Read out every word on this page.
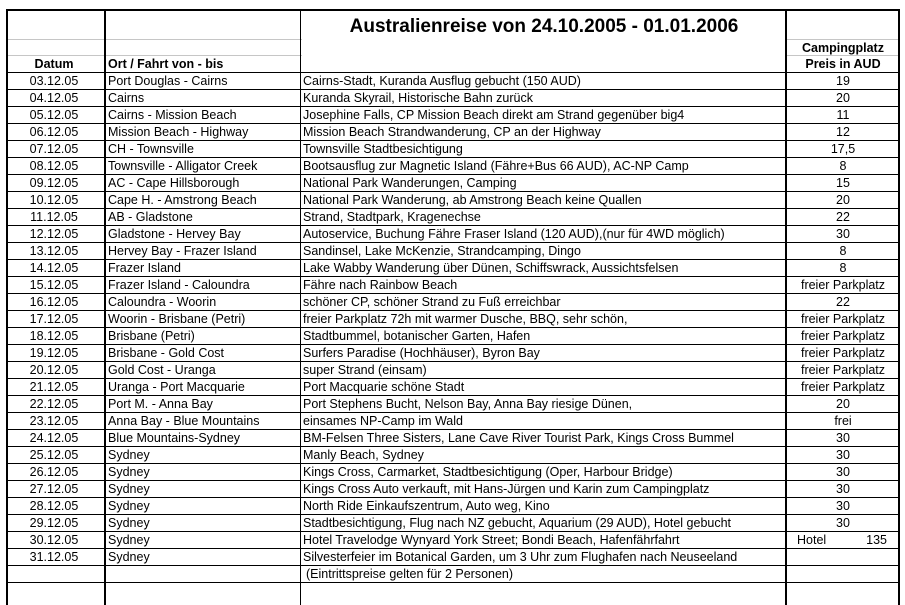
Australienreise von 24.10.2005 - 01.01.2006
Campingplatz
Preis in AUD
Datum	Ort / Fahrt von - bis
03.12.05	Port Douglas - Cairns	Cairns-Stadt, Kuranda Ausflug gebucht (150 AUD)	19
04.12.05	Cairns	Kuranda Skyrail, Historische Bahn zurück	20
05.12.05	Cairns - Mission Beach	Josephine Falls, CP Mission Beach direkt am Strand gegenüber big4	11
06.12.05	Mission Beach - Highway	Mission Beach Strandwanderung, CP an der Highway	12
07.12.05	CH - Townsville	Townsville Stadtbesichtigung	17,5
08.12.05	Townsville - Alligator Creek	Bootsausflug zur Magnetic Island (Fähre+Bus 66 AUD), AC-NP Camp	8
09.12.05	AC - Cape Hillsborough	National Park Wanderungen, Camping	15
10.12.05	Cape H. - Amstrong Beach	National Park Wanderung, ab Amstrong Beach keine Quallen	20
11.12.05	AB - Gladstone	Strand, Stadtpark, Kragenechse	22
12.12.05	Gladstone - Hervey Bay	Autoservice, Buchung Fähre Fraser Island (120 AUD),(nur für 4WD möglich)	30
13.12.05	Hervey Bay - Frazer Island	Sandinsel, Lake McKenzie, Strandcamping, Dingo	8
14.12.05	Frazer Island	Lake Wabby Wanderung über Dünen, Schiffswrack, Aussichtsfelsen	8
15.12.05	Frazer Island - Caloundra	Fähre nach Rainbow Beach	freier Parkplatz
16.12.05	Caloundra - Woorin	schöner CP, schöner Strand zu Fuß erreichbar	22
17.12.05	Woorin - Brisbane (Petri)	freier Parkplatz 72h mit warmer Dusche, BBQ, sehr schön,	freier Parkplatz
18.12.05	Brisbane (Petri)	Stadtbummel, botanischer Garten, Hafen	freier Parkplatz
19.12.05	Brisbane - Gold Cost	Surfers Paradise (Hochhäuser), Byron Bay	freier Parkplatz
20.12.05	Gold Cost - Uranga	super Strand (einsam)	freier Parkplatz
21.12.05	Uranga - Port Macquarie	Port Macquarie schöne Stadt	freier Parkplatz
22.12.05	Port M. - Anna Bay	Port Stephens Bucht, Nelson Bay, Anna Bay riesige Dünen,	20
23.12.05	Anna Bay - Blue Mountains	einsames NP-Camp im Wald	frei
24.12.05	Blue Mountains-Sydney	BM-Felsen Three Sisters, Lane Cave River Tourist Park, Kings Cross Bummel	30
25.12.05	Sydney	Manly Beach, Sydney	30
26.12.05	Sydney	Kings Cross, Carmarket, Stadtbesichtigung (Oper, Harbour Bridge)	30
27.12.05	Sydney	Kings Cross Auto verkauft, mit Hans-Jürgen und Karin zum Campingplatz	30
28.12.05	Sydney	North Ride Einkaufszentrum, Auto weg, Kino	30
29.12.05	Sydney	Stadtbesichtigung, Flug nach NZ gebucht, Aquarium (29 AUD), Hotel gebucht	30
30.12.05	Sydney	Hotel Travelodge Wynyard York Street; Bondi Beach, Hafenfährfahrt	Hotel	135
31.12.05	Sydney	Silvesterfeier im Botanical Garden, um 3 Uhr zum Flughafen nach Neuseeland
(Eintrittspreise gelten für 2 Personen)
